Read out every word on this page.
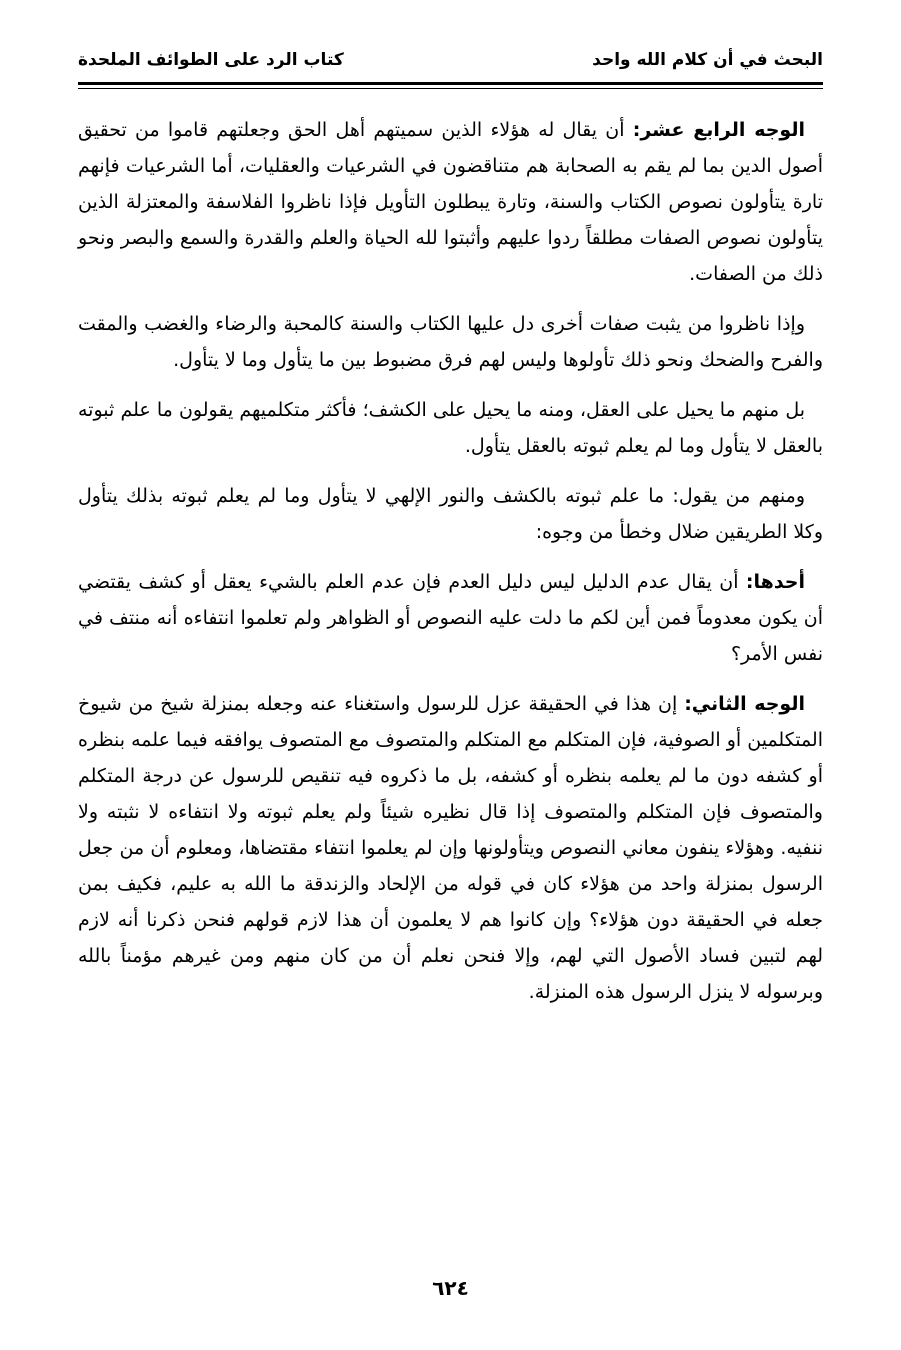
كتاب الرد على الطوائف الملحدة	البحث في أن كلام الله واحد

الوجه الرابع عشر: أن يقال له هؤلاء الذين سميتهم أهل الحق وجعلتهم قاموا من تحقيق أصول الدين بما لم يقم به الصحابة هم متناقضون في الشرعيات والعقليات، أما الشرعيات فإنهم تارة يتأولون نصوص الكتاب والسنة، وتارة يبطلون التأويل فإذا ناظروا الفلاسفة والمعتزلة الذين يتأولون نصوص الصفات مطلقاً ردوا عليهم وأثبتوا لله الحياة والعلم والقدرة والسمع والبصر ونحو ذلك من الصفات.

وإذا ناظروا من يثبت صفات أخرى دل عليها الكتاب والسنة كالمحبة والرضاء والغضب والمقت والفرح والضحك ونحو ذلك تأولوها وليس لهم فرق مضبوط بين ما يتأول وما لا يتأول.

بل منهم ما يحيل على العقل، ومنه ما يحيل على الكشف؛ فأكثر متكلميهم يقولون ما علم ثبوته بالعقل لا يتأول وما لم يعلم ثبوته بالعقل يتأول.

ومنهم من يقول: ما علم ثبوته بالكشف والنور الإلهي لا يتأول وما لم يعلم ثبوته بذلك يتأول وكلا الطريقين ضلال وخطأ من وجوه:

أحدها: أن يقال عدم الدليل ليس دليل العدم فإن عدم العلم بالشيء يعقل أو كشف يقتضي أن يكون معدوماً فمن أين لكم ما دلت عليه النصوص أو الظواهر ولم تعلموا انتفاءه أنه منتف في نفس الأمر؟

الوجه الثاني: إن هذا في الحقيقة عزل للرسول واستغناء عنه وجعله بمنزلة شيخ من شيوخ المتكلمين أو الصوفية، فإن المتكلم مع المتكلم والمتصوف مع المتصوف يوافقه فيما علمه بنظره أو كشفه دون ما لم يعلمه بنظره أو كشفه، بل ما ذكروه فيه تنقيص للرسول عن درجة المتكلم والمتصوف فإن المتكلم والمتصوف إذا قال نظيره شيئاً ولم يعلم ثبوته ولا انتفاءه لا نثبته ولا ننفيه. وهؤلاء ينفون معاني النصوص ويتأولونها وإن لم يعلموا انتفاء مقتضاها، ومعلوم أن من جعل الرسول بمنزلة واحد من هؤلاء كان في قوله من الإلحاد والزندقة ما الله به عليم، فكيف بمن جعله في الحقيقة دون هؤلاء؟ وإن كانوا هم لا يعلمون أن هذا لازم قولهم فنحن ذكرنا أنه لازم لهم لتبين فساد الأصول التي لهم، وإلا فنحن نعلم أن من كان منهم ومن غيرهم مؤمناً بالله وبرسوله لا ينزل الرسول هذه المنزلة.

٦٢٤
